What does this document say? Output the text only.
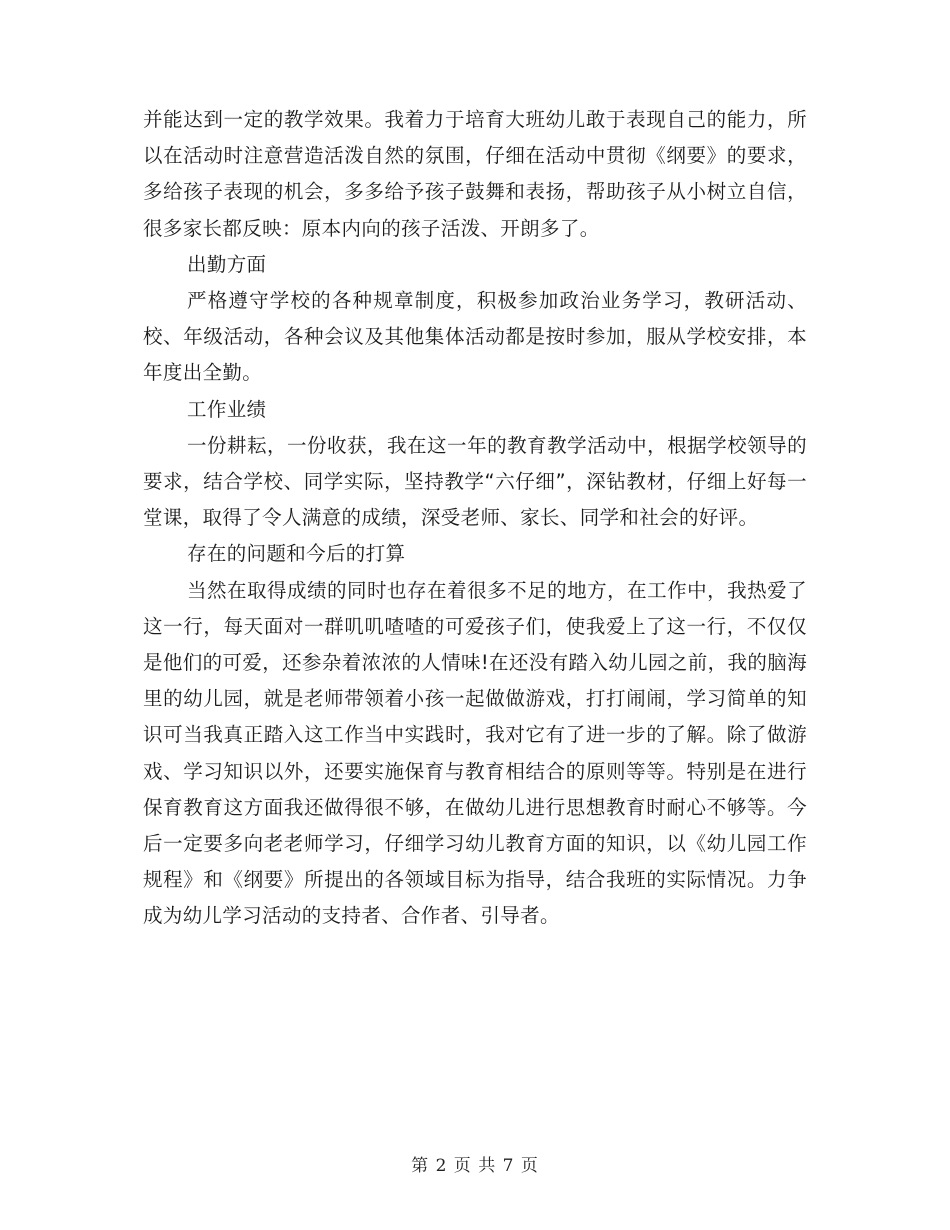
并能达到一定的教学效果。我着力于培育大班幼儿敢于表现自己的能力，所以在活动时注意营造活泼自然的氛围，仔细在活动中贯彻《纲要》的要求，多给孩子表现的机会，多多给予孩子鼓舞和表扬，帮助孩子从小树立自信，很多家长都反映：原本内向的孩子活泼、开朗多了。

出勤方面

严格遵守学校的各种规章制度，积极参加政治业务学习，教研活动、校、年级活动，各种会议及其他集体活动都是按时参加，服从学校安排，本年度出全勤。

工作业绩

一份耕耘，一份收获，我在这一年的教育教学活动中，根据学校领导的要求，结合学校、同学实际，坚持教学“六仔细”，深钻教材，仔细上好每一堂课，取得了令人满意的成绩，深受老师、家长、同学和社会的好评。

存在的问题和今后的打算

当然在取得成绩的同时也存在着很多不足的地方，在工作中，我热爱了这一行，每天面对一群叽叽喳喳的可爱孩子们，使我爱上了这一行，不仅仅是他们的可爱，还参杂着浓浓的人情味!在还没有踏入幼儿园之前，我的脑海里的幼儿园，就是老师带领着小孩一起做做游戏，打打闹闹，学习简单的知识可当我真正踏入这工作当中实践时，我对它有了进一步的了解。除了做游戏、学习知识以外，还要实施保育与教育相结合的原则等等。特别是在进行保育教育这方面我还做得很不够，在做幼儿进行思想教育时耐心不够等。今后一定要多向老老师学习，仔细学习幼儿教育方面的知识，以《幼儿园工作规程》和《纲要》所提出的各领域目标为指导，结合我班的实际情况。力争成为幼儿学习活动的支持者、合作者、引导者。

第 2 页 共 7 页
